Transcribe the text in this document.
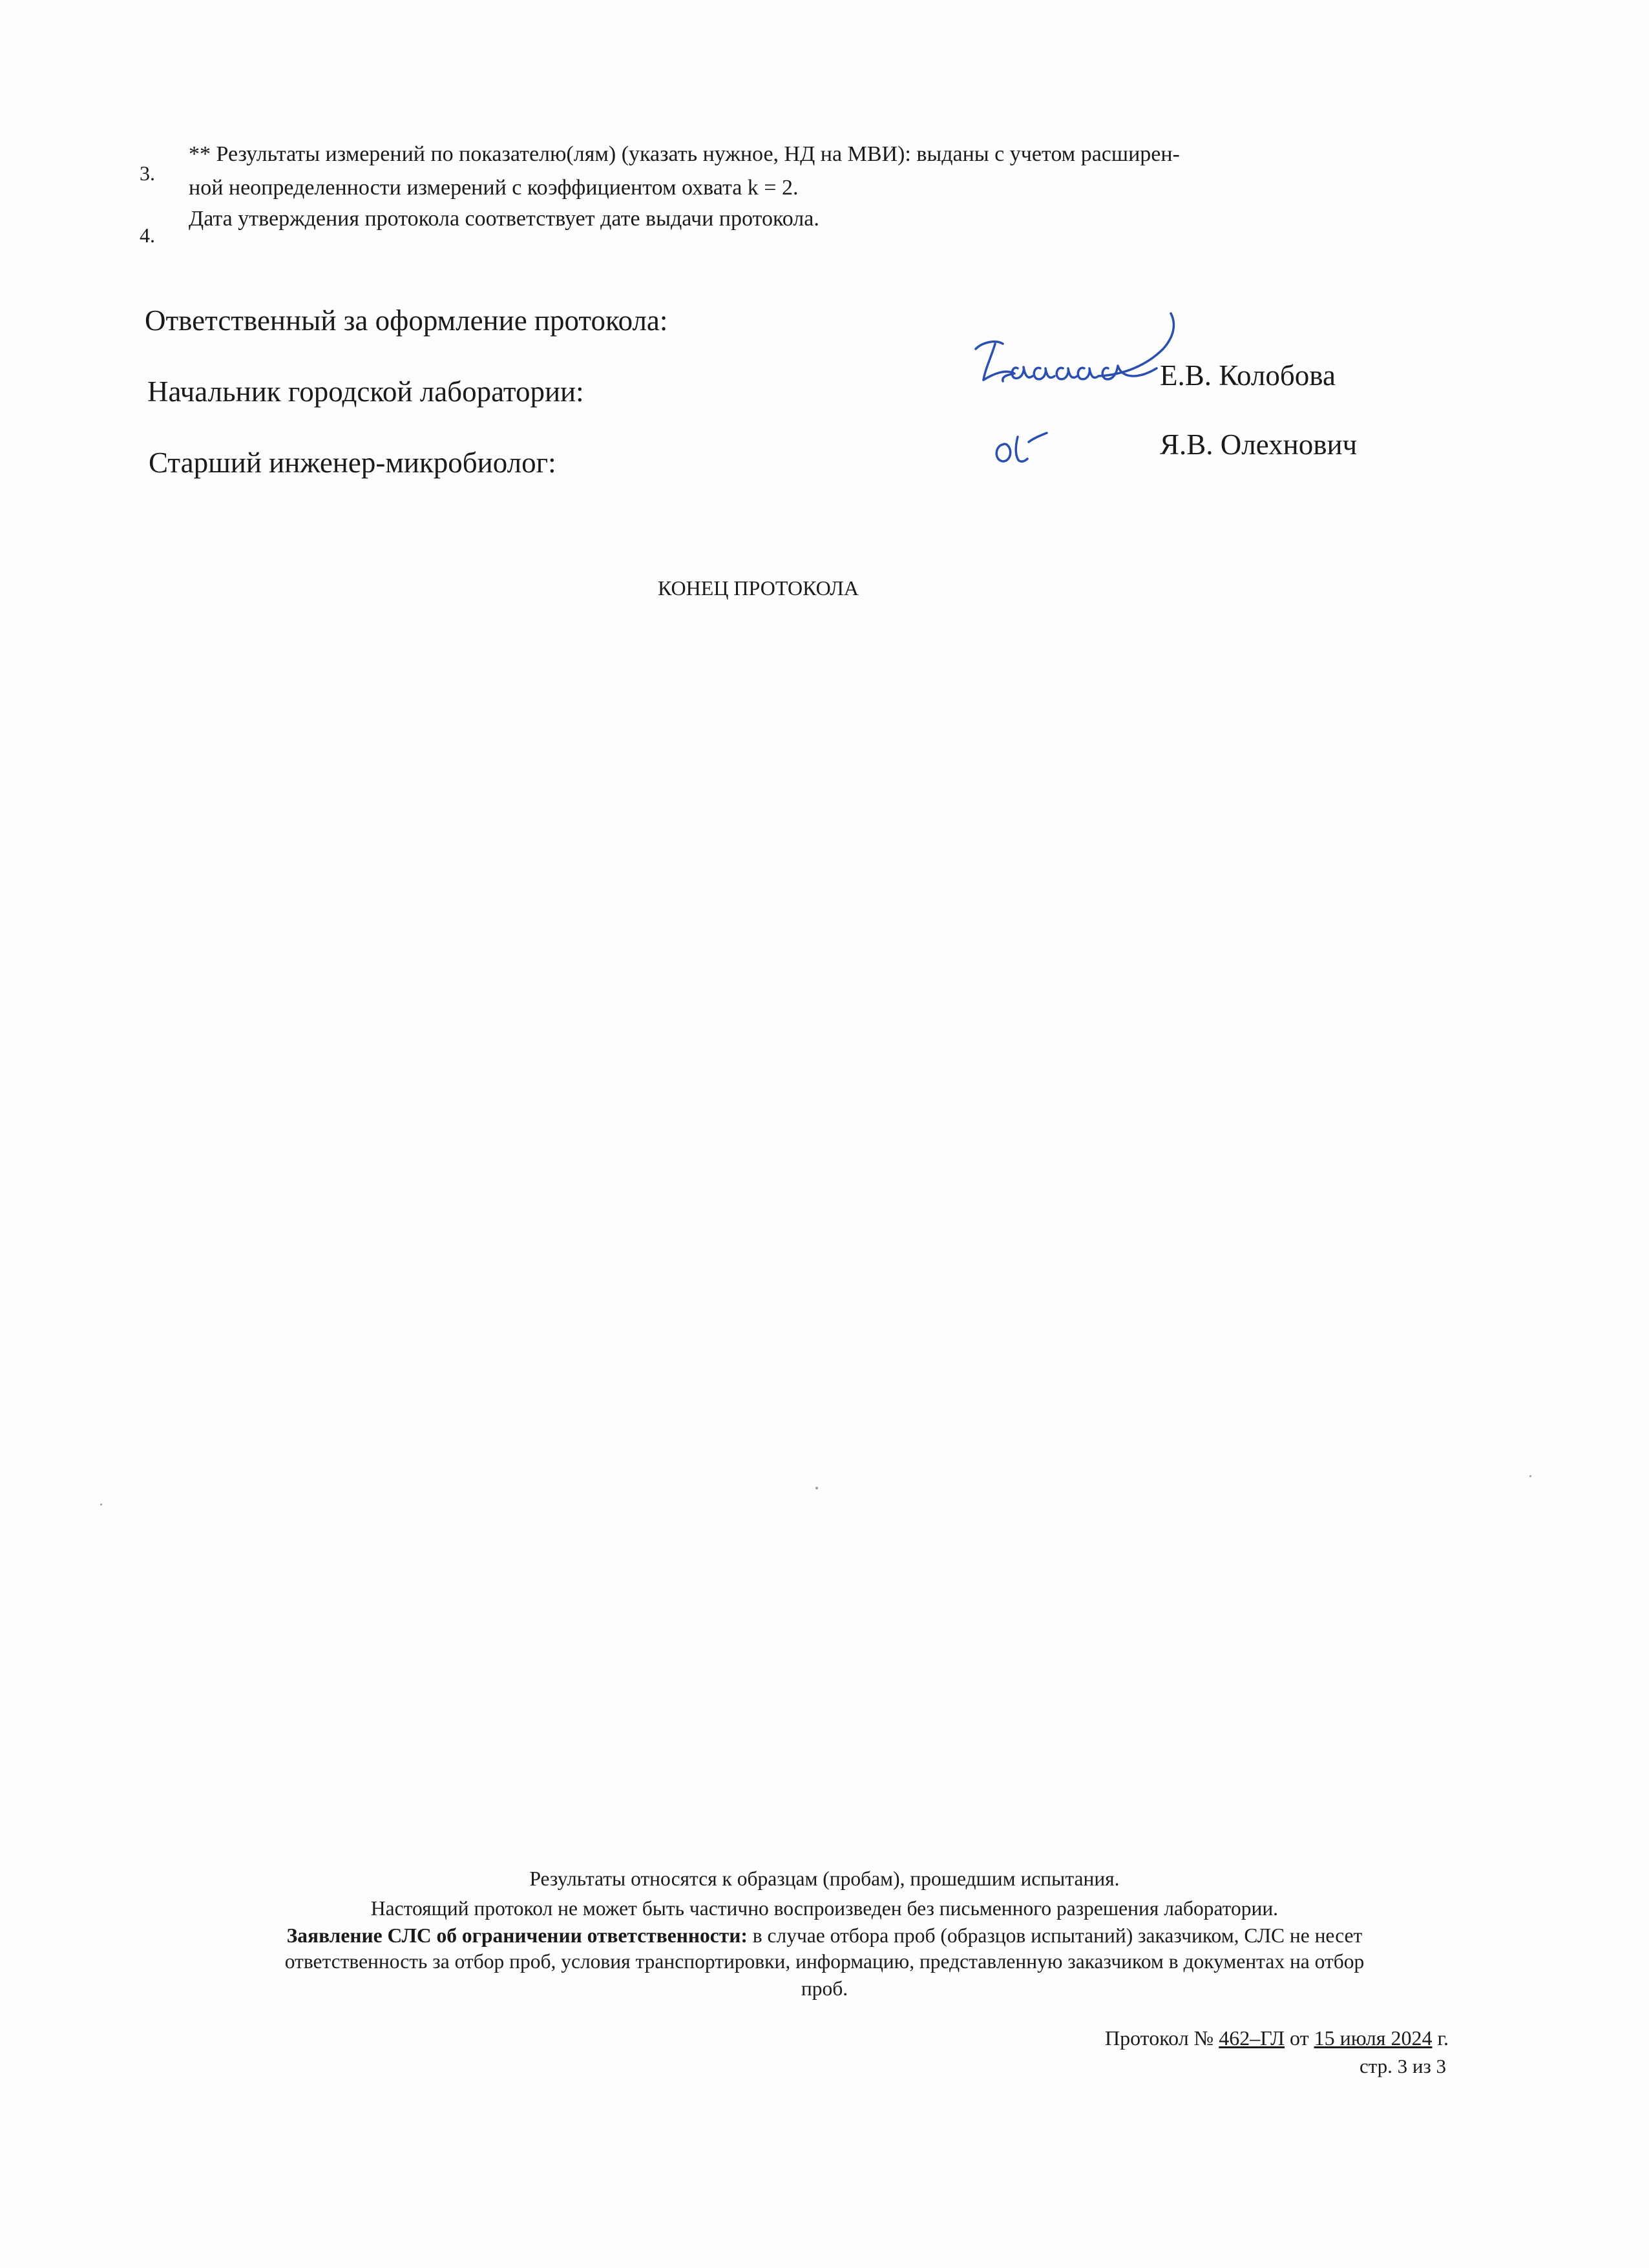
3.
** Результаты измерений по показателю(лям) (указать нужное, НД на МВИ): выданы с учетом расширен-
ной неопределенности измерений с коэффициентом охвата k = 2.
4.
Дата утверждения протокола соответствует дате выдачи протокола.
Ответственный за оформление протокола:
Начальник городской лаборатории:	Е.В. Колобова
Старший инженер-микробиолог:
Я.В. Олехнович
КОНЕЦ ПРОТОКОЛА
Результаты относятся к образцам (пробам), прошедшим испытания.
Настоящий протокол не может быть частично воспроизведен без письменного разрешения лаборатории.
Заявление СЛС об ограничении ответственности: в случае отбора проб (образцов испытаний) заказчиком, СЛС не несет
ответственность за отбор проб, условия транспортировки, информацию, представленную заказчиком в документах на отбор
проб.
Протокол № 462–ГЛ от 15 июля 2024 г.
стр. 3 из 3
